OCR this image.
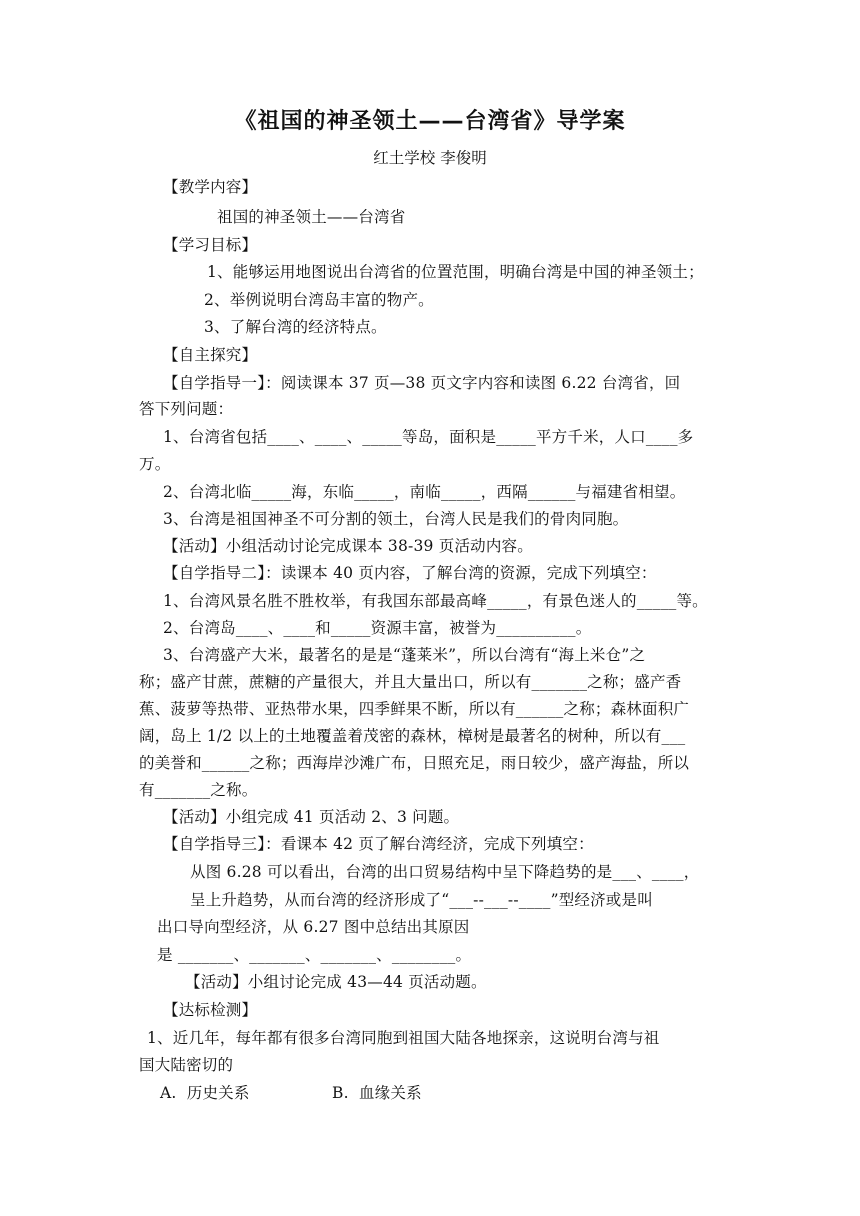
《祖国的神圣领土——台湾省》导学案
红土学校 李俊明
【教学内容】
祖国的神圣领土——台湾省
【学习目标】
1、能够运用地图说出台湾省的位置范围，明确台湾是中国的神圣领土；
2、举例说明台湾岛丰富的物产。
3、了解台湾的经济特点。
【自主探究】
【自学指导一】：阅读课本 37 页—38 页文字内容和读图 6.22 台湾省，回
答下列问题：
1、台湾省包括____、____、_____等岛，面积是_____平方千米，人口____多
万。
2、台湾北临_____海，东临_____，南临_____，西隔______与福建省相望。
3、台湾是祖国神圣不可分割的领土，台湾人民是我们的骨肉同胞。
【活动】小组活动讨论完成课本 38-39 页活动内容。
【自学指导二】：读课本 40 页内容，了解台湾的资源，完成下列填空：
1、台湾风景名胜不胜枚举，有我国东部最高峰_____，有景色迷人的_____等。
2、台湾岛____、____和_____资源丰富，被誉为__________。
3、台湾盛产大米，最著名的是是“蓬莱米”，所以台湾有“海上米仓”之
称；盛产甘蔗，蔗糖的产量很大，并且大量出口，所以有_______之称；盛产香
蕉、菠萝等热带、亚热带水果，四季鲜果不断，所以有______之称；森林面积广
阔，岛上 1/2 以上的土地覆盖着茂密的森林，樟树是最著名的树种，所以有___
的美誉和______之称；西海岸沙滩广布，日照充足，雨日较少，盛产海盐，所以
有_______之称。
【活动】小组完成 41 页活动 2、3 问题。
【自学指导三】：看课本 42 页了解台湾经济，完成下列填空：
从图 6.28 可以看出，台湾的出口贸易结构中呈下降趋势的是___、____，
呈上升趋势，从而台湾的经济形成了“___--___--____”型经济或是叫
出口导向型经济，从 6.27 图中总结出其原因
是 _______、_______、_______、________。
【活动】小组讨论完成 43—44 页活动题。
【达标检测】
1、近几年，每年都有很多台湾同胞到祖国大陆各地探亲，这说明台湾与祖
国大陆密切的
A.  历史关系	B.  血缘关系
